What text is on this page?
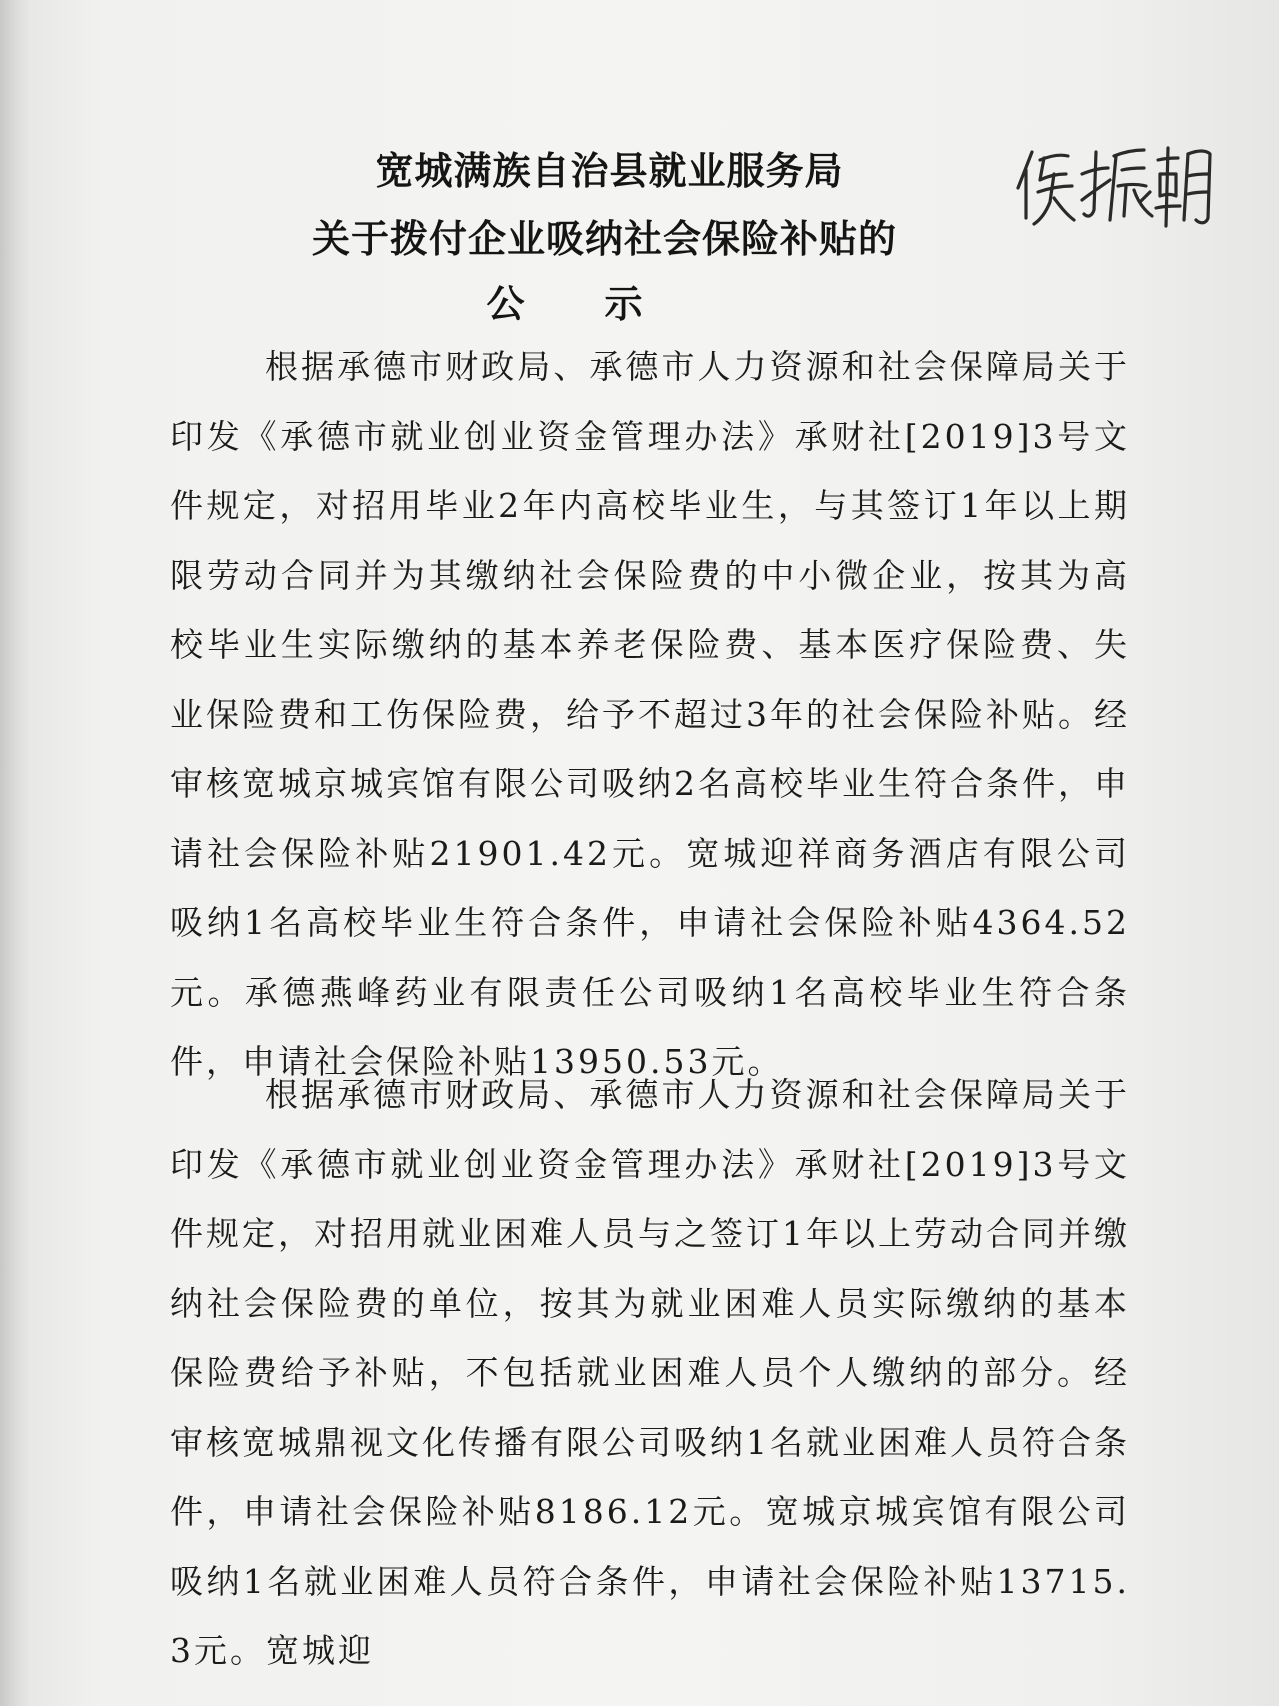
宽城满族自治县就业服务局
关于拨付企业吸纳社会保险补贴的
公示

根据承德市财政局、承德市人力资源和社会保障局关于印发《承德市就业创业资金管理办法》承财社[2019]3号文件规定，对招用毕业2年内高校毕业生，与其签订1年以上期限劳动合同并为其缴纳社会保险费的中小微企业，按其为高校毕业生实际缴纳的基本养老保险费、基本医疗保险费、失业保险费和工伤保险费，给予不超过3年的社会保险补贴。经审核宽城京城宾馆有限公司吸纳2名高校毕业生符合条件，申请社会保险补贴21901.42元。宽城迎祥商务酒店有限公司吸纳1名高校毕业生符合条件，申请社会保险补贴4364.52元。承德燕峰药业有限责任公司吸纳1名高校毕业生符合条件，申请社会保险补贴13950.53元。

根据承德市财政局、承德市人力资源和社会保障局关于印发《承德市就业创业资金管理办法》承财社[2019]3号文件规定，对招用就业困难人员与之签订1年以上劳动合同并缴纳社会保险费的单位，按其为就业困难人员实际缴纳的基本保险费给予补贴，不包括就业困难人员个人缴纳的部分。经审核宽城鼎视文化传播有限公司吸纳1名就业困难人员符合条件，申请社会保险补贴8186.12元。宽城京城宾馆有限公司吸纳1名就业困难人员符合条件，申请社会保险补贴13715.3元。宽城迎
